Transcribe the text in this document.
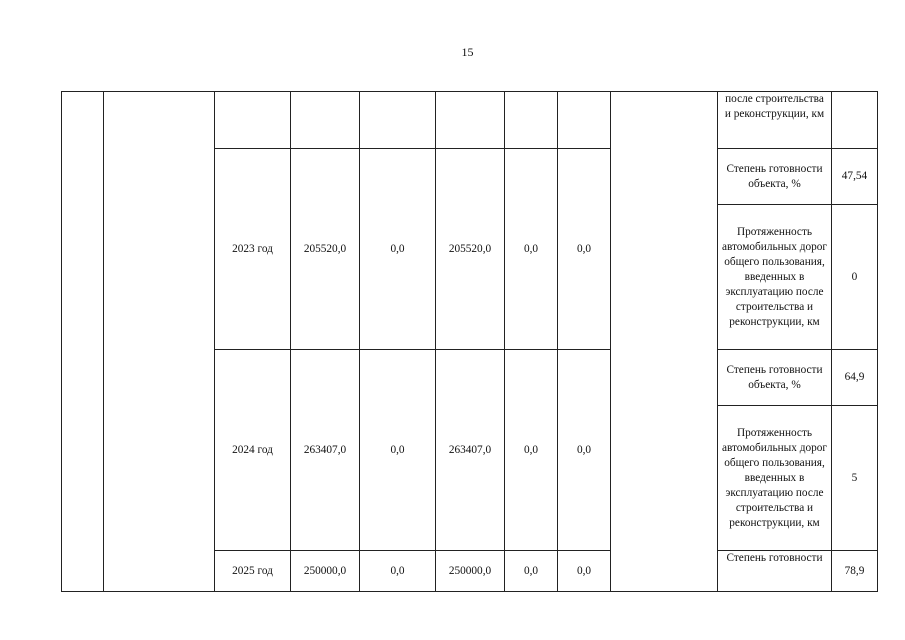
15
									после строительства и реконструкции, км	
		2023 год	205520,0	0,0	205520,0	0,0	0,0		Степень готовности объекта, %	47,54
									Протяженность автомобильных дорог общего пользования, введенных в эксплуатацию после строительства и реконструкции, км	0
		2024 год	263407,0	0,0	263407,0	0,0	0,0		Степень готовности объекта, %	64,9
									Протяженность автомобильных дорог общего пользования, введенных в эксплуатацию после строительства и реконструкции, км	5
		2025 год	250000,0	0,0	250000,0	0,0	0,0		Степень готовности	78,9
